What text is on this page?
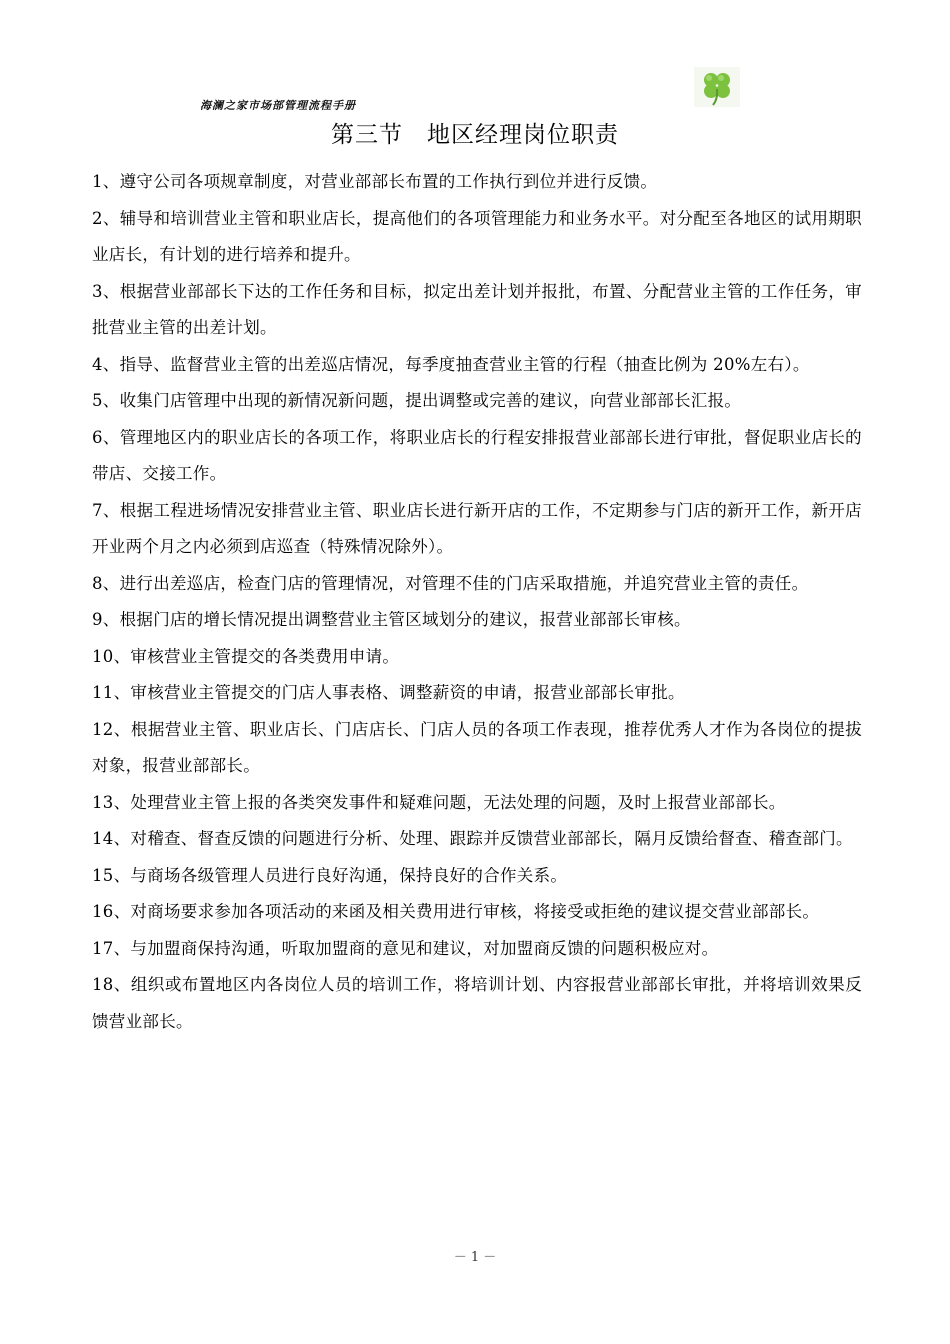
海澜之家市场部管理流程手册
第三节　地区经理岗位职责

1、遵守公司各项规章制度，对营业部部长布置的工作执行到位并进行反馈。

2、辅导和培训营业主管和职业店长，提高他们的各项管理能力和业务水平。对分配至各地区的试用期职业店长，有计划的进行培养和提升。

3、根据营业部部长下达的工作任务和目标，拟定出差计划并报批，布置、分配营业主管的工作任务，审批营业主管的出差计划。

4、指导、监督营业主管的出差巡店情况，每季度抽查营业主管的行程（抽查比例为 20%左右）。

5、收集门店管理中出现的新情况新问题，提出调整或完善的建议，向营业部部长汇报。

6、管理地区内的职业店长的各项工作，将职业店长的行程安排报营业部部长进行审批，督促职业店长的带店、交接工作。

7、根据工程进场情况安排营业主管、职业店长进行新开店的工作，不定期参与门店的新开工作，新开店开业两个月之内必须到店巡查（特殊情况除外）。

8、进行出差巡店，检查门店的管理情况，对管理不佳的门店采取措施，并追究营业主管的责任。

9、根据门店的增长情况提出调整营业主管区域划分的建议，报营业部部长审核。

10、审核营业主管提交的各类费用申请。

11、审核营业主管提交的门店人事表格、调整薪资的申请，报营业部部长审批。

12、根据营业主管、职业店长、门店店长、门店人员的各项工作表现，推荐优秀人才作为各岗位的提拔对象，报营业部部长。

13、处理营业主管上报的各类突发事件和疑难问题，无法处理的问题，及时上报营业部部长。

14、对稽查、督查反馈的问题进行分析、处理、跟踪并反馈营业部部长，隔月反馈给督查、稽查部门。

15、与商场各级管理人员进行良好沟通，保持良好的合作关系。

16、对商场要求参加各项活动的来函及相关费用进行审核，将接受或拒绝的建议提交营业部部长。

17、与加盟商保持沟通，听取加盟商的意见和建议，对加盟商反馈的问题积极应对。

18、组织或布置地区内各岗位人员的培训工作，将培训计划、内容报营业部部长审批，并将培训效果反馈营业部长。

－ 1 －
